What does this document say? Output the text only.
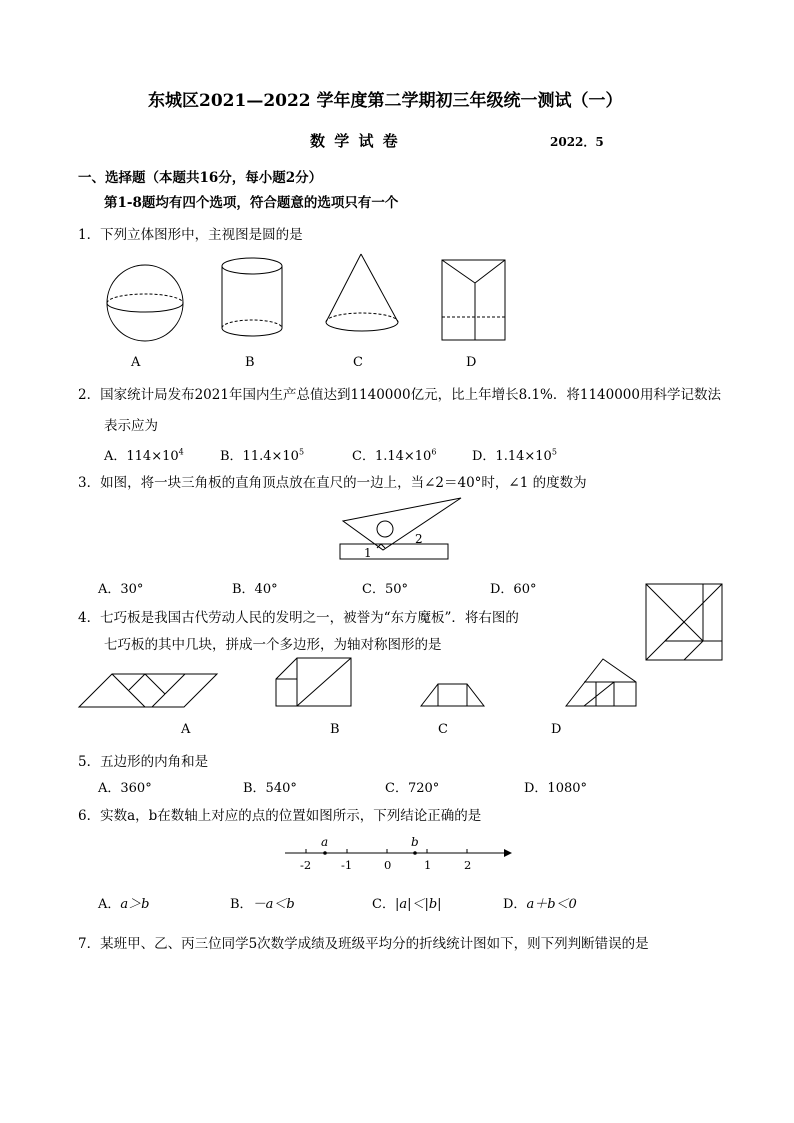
东城区2021—2022 学年度第二学期初三年级统一测试（一）
数 学 试 卷	2022．5
一、选择题（本题共16分，每小题2分）
第1-8题均有四个选项，符合题意的选项只有一个
1．下列立体图形中，主视图是圆的是
A	B	C	D
2．国家统计局发布2021年国内生产总值达到1140000亿元，比上年增长8.1%．将1140000用科学记数法
表示应为
A．$114\times 10^4$	B．$11.4\times 10^5$	C．$1.14\times 10^6$	D．$1.14\times 10^5$
3．如图，将一块三角板的直角顶点放在直尺的一边上，当∠2＝40°时，∠1 的度数为
1
2
A．30°	B．40°	C．50°	D．60°
4．七巧板是我国古代劳动人民的发明之一，被誉为“东方魔板”．将右图的
七巧板的其中几块，拼成一个多边形，为轴对称图形的是
A	B	C	D
5．五边形的内角和是
A．360°	B．540°	C．720°	D．1080°
6．实数a，b在数轴上对应的点的位置如图所示，下列结论正确的是
a	b
-2	-1	0	1	2
A．a＞b	B．－a＜b	C．|a|＜|b|	D．a＋b＜0
7．某班甲、乙、丙三位同学5次数学成绩及班级平均分的折线统计图如下，则下列判断错误的是
